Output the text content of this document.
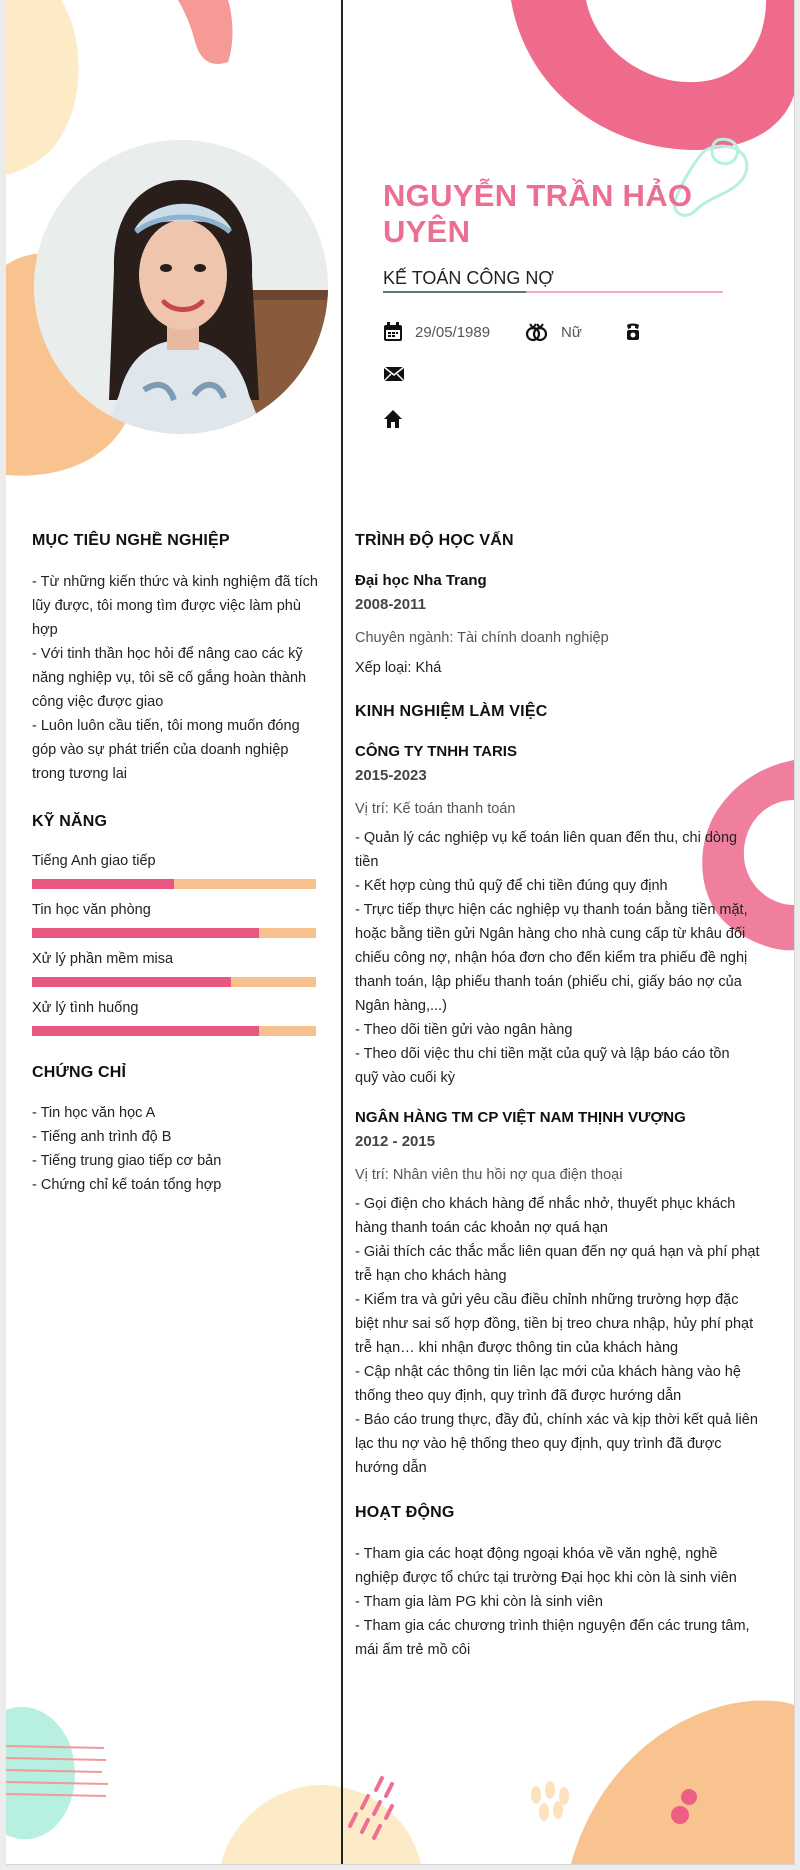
NGUYỄN TRẦN HẢO UYÊN
KẾ TOÁN CÔNG NỢ
29/05/1989	Nữ
MỤC TIÊU NGHỀ NGHIỆP
- Từ những kiến thức và kinh nghiệm đã tích
lũy được, tôi mong tìm được việc làm phù
hợp
- Với tinh thần học hỏi để nâng cao các kỹ
năng nghiệp vụ, tôi sẽ cố gắng hoàn thành
công việc được giao
- Luôn luôn cầu tiến, tôi mong muốn đóng
góp vào sự phát triển của doanh nghiệp
trong tương lai
KỸ NĂNG
Tiếng Anh giao tiếp
Tin học văn phòng
Xử lý phần mềm misa
Xử lý tình huống
CHỨNG CHỈ
- Tin học văn học A
- Tiếng anh trình độ B
- Tiếng trung giao tiếp cơ bản
- Chứng chỉ kế toán tổng hợp
TRÌNH ĐỘ HỌC VẤN
Đại học Nha Trang
2008-2011
Chuyên ngành: Tài chính doanh nghiệp
Xếp loại: Khá
KINH NGHIỆM LÀM VIỆC
CÔNG TY TNHH TARIS
2015-2023
Vị trí: Kế toán thanh toán
- Quản lý các nghiệp vụ kế toán liên quan đến thu, chi dòng
tiền
- Kết hợp cùng thủ quỹ để chi tiền đúng quy định
- Trực tiếp thực hiện các nghiệp vụ thanh toán bằng tiền mặt,
hoặc bằng tiền gửi Ngân hàng cho nhà cung cấp từ khâu đối
chiếu công nợ, nhận hóa đơn cho đến kiểm tra phiếu đề nghị
thanh toán, lập phiếu thanh toán (phiếu chi, giấy báo nợ của
Ngân hàng,...)
- Theo dõi tiền gửi vào ngân hàng
- Theo dõi việc thu chi tiền mặt của quỹ và lập báo cáo tồn
quỹ vào cuối kỳ
NGÂN HÀNG TM CP VIỆT NAM THỊNH VƯỢNG
2012 - 2015
Vị trí: Nhân viên thu hồi nợ qua điện thoại
- Gọi điện cho khách hàng để nhắc nhở, thuyết phục khách
hàng thanh toán các khoản nợ quá hạn
- Giải thích các thắc mắc liên quan đến nợ quá hạn và phí phạt
trễ hạn cho khách hàng
- Kiểm tra và gửi yêu cầu điều chỉnh những trường hợp đặc
biệt như sai số hợp đồng, tiền bị treo chưa nhập, hủy phí phạt
trễ hạn… khi nhận được thông tin của khách hàng
- Cập nhật các thông tin liên lạc mới của khách hàng vào hệ
thống theo quy định, quy trình đã được hướng dẫn
- Báo cáo trung thực, đầy đủ, chính xác và kịp thời kết quả liên
lạc thu nợ vào hệ thống theo quy định, quy trình đã được
hướng dẫn
HOẠT ĐỘNG
- Tham gia các hoạt động ngoại khóa về văn nghệ, nghề
nghiệp được tổ chức tại trường Đại học khi còn là sinh viên
- Tham gia làm PG khi còn là sinh viên
- Tham gia các chương trình thiện nguyện đến các trung tâm,
mái ấm trẻ mồ côi
